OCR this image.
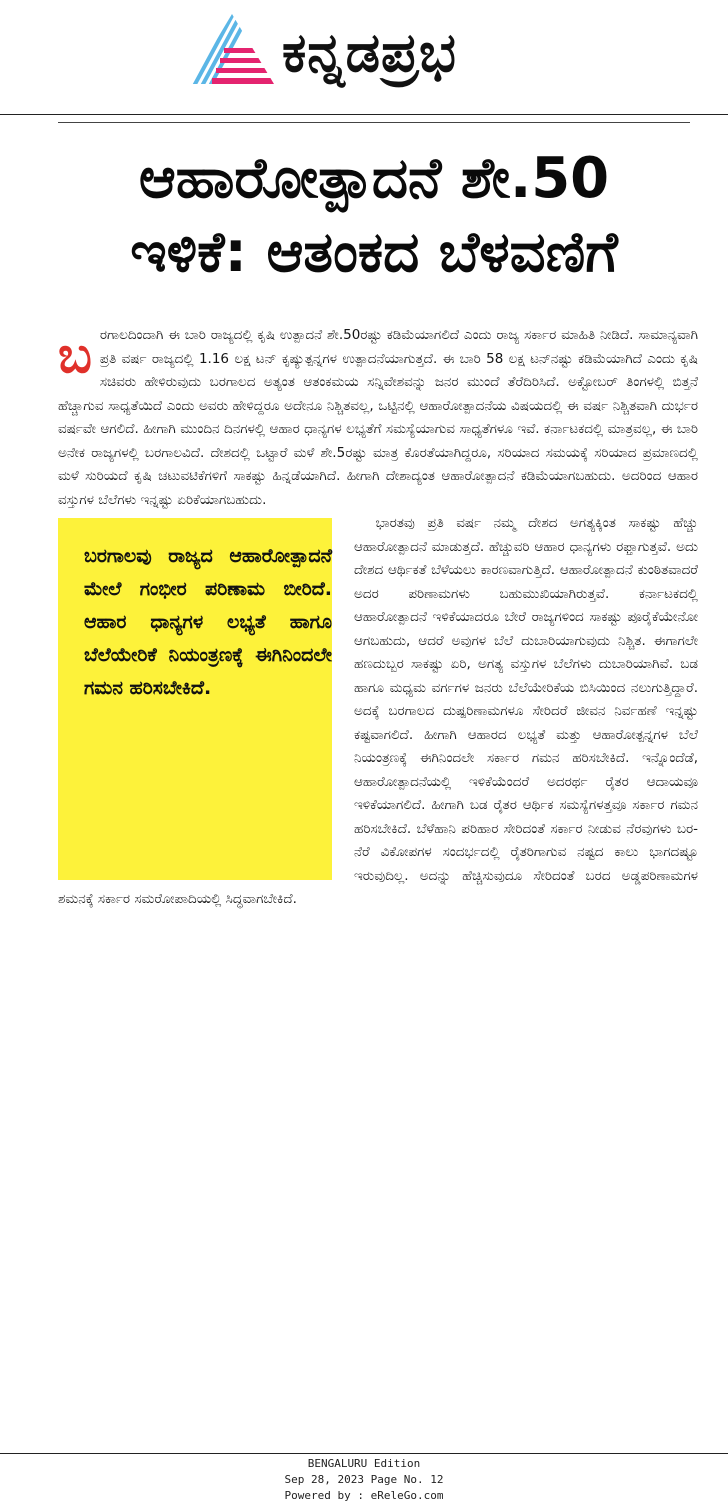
ಕನ್ನಡಪ್ರಭ
ಆಹಾರೋತ್ಪಾದನೆ ಶೇ.50
ಇಳಿಕೆ: ಆತಂಕದ ಬೆಳವಣಿಗೆ

ಬ ರಗಾಲದಿಂದಾಗಿ ಈ ಬಾರಿ ರಾಜ್ಯದಲ್ಲಿ ಕೃಷಿ ಉತ್ಪಾದನೆ ಶೇ.50ರಷ್ಟು ಕಡಿಮೆಯಾಗಲಿದೆ ಎಂದು ರಾಜ್ಯ ಸರ್ಕಾರ ಮಾಹಿತಿ ನೀಡಿದೆ. ಸಾಮಾನ್ಯವಾಗಿ ಪ್ರತಿ ವರ್ಷ ರಾಜ್ಯದಲ್ಲಿ 1.16 ಲಕ್ಷ ಟನ್ ಕೃಷ್ಯುತ್ಪನ್ನಗಳ ಉತ್ಪಾದನೆಯಾಗುತ್ತದೆ. ಈ ಬಾರಿ 58 ಲಕ್ಷ ಟನ್‌ನಷ್ಟು ಕಡಿಮೆಯಾಗಿದೆ ಎಂದು ಕೃಷಿ ಸಚಿವರು ಹೇಳಿರುವುದು ಬರಗಾಲದ ಅತ್ಯಂತ ಆತಂಕಮಯ ಸನ್ನಿವೇಶವನ್ನು ಜನರ ಮುಂದೆ ತೆರೆದಿರಿಸಿದೆ. ಅಕ್ಟೋಬರ್ ತಿಂಗಳಲ್ಲಿ ಬಿತ್ತನೆ ಹೆಚ್ಚಾಗುವ ಸಾಧ್ಯತೆಯಿದೆ ಎಂದು ಅವರು ಹೇಳಿದ್ದರೂ ಅದೇನೂ ನಿಶ್ಚಿತವಲ್ಲ, ಒಟ್ಟಿನಲ್ಲಿ ಆಹಾರೋತ್ಪಾದನೆಯ ವಿಷಯದಲ್ಲಿ ಈ ವರ್ಷ ನಿಶ್ಚಿತವಾಗಿ ದುರ್ಭರ ವರ್ಷವೇ ಆಗಲಿದೆ. ಹೀಗಾಗಿ ಮುಂದಿನ ದಿನಗಳಲ್ಲಿ ಆಹಾರ ಧಾನ್ಯಗಳ ಲಭ್ಯತೆಗೆ ಸಮಸ್ಯೆಯಾಗುವ ಸಾಧ್ಯತೆಗಳೂ ಇವೆ. ಕರ್ನಾಟಕದಲ್ಲಿ ಮಾತ್ರವಲ್ಲ, ಈ ಬಾರಿ ಅನೇಕ ರಾಜ್ಯಗಳಲ್ಲಿ ಬರಗಾಲವಿದೆ. ದೇಶದಲ್ಲಿ ಒಟ್ಟಾರೆ ಮಳೆ ಶೇ.5ರಷ್ಟು ಮಾತ್ರ ಕೊರತೆಯಾಗಿದ್ದರೂ, ಸರಿಯಾದ ಸಮಯಕ್ಕೆ ಸರಿಯಾದ ಪ್ರಮಾಣದಲ್ಲಿ ಮಳೆ ಸುರಿಯದೆ ಕೃಷಿ ಚಟುವಟಿಕೆಗಳಿಗೆ ಸಾಕಷ್ಟು ಹಿನ್ನಡೆಯಾಗಿದೆ. ಹೀಗಾಗಿ ದೇಶಾದ್ಯಂತ ಆಹಾರೋತ್ಪಾದನೆ ಕಡಿಮೆಯಾಗಬಹುದು. ಅದರಿಂದ ಆಹಾರ ವಸ್ತುಗಳ ಬೆಲೆಗಳು ಇನ್ನಷ್ಟು ಏರಿಕೆಯಾಗಬಹುದು.

ಬರಗಾಲವು ರಾಜ್ಯದ ಆಹಾರೋತ್ಪಾದನೆ ಮೇಲೆ ಗಂಭೀರ ಪರಿಣಾಮ ಬೀರಿದೆ. ಆಹಾರ ಧಾನ್ಯಗಳ ಲಭ್ಯತೆ ಹಾಗೂ ಬೆಲೆಯೇರಿಕೆ ನಿಯಂತ್ರಣಕ್ಕೆ ಈಗಿನಿಂದಲೇ ಗಮನ ಹರಿಸಬೇಕಿದೆ.

ಭಾರತವು ಪ್ರತಿ ವರ್ಷ ನಮ್ಮ ದೇಶದ ಅಗತ್ಯಕ್ಕಿಂತ ಸಾಕಷ್ಟು ಹೆಚ್ಚು ಆಹಾರೋತ್ಪಾದನೆ ಮಾಡುತ್ತದೆ. ಹೆಚ್ಚುವರಿ ಆಹಾರ ಧಾನ್ಯಗಳು ರಫ್ತಾಗುತ್ತವೆ. ಅದು ದೇಶದ ಆರ್ಥಿಕತೆ ಬೆಳೆಯಲು ಕಾರಣವಾಗುತ್ತಿದೆ. ಆಹಾರೋತ್ಪಾದನೆ ಕುಂಠಿತವಾದರೆ ಅದರ ಪರಿಣಾಮಗಳು ಬಹುಮುಖಿಯಾಗಿರುತ್ತವೆ. ಕರ್ನಾಟಕದಲ್ಲಿ ಆಹಾರೋತ್ಪಾದನೆ ಇಳಿಕೆಯಾದರೂ ಬೇರೆ ರಾಜ್ಯಗಳಿಂದ ಸಾಕಷ್ಟು ಪೂರೈಕೆಯೇನೋ ಆಗಬಹುದು, ಆದರೆ ಅವುಗಳ ಬೆಲೆ ದುಬಾರಿಯಾಗುವುದು ನಿಶ್ಚಿತ. ಈಗಾಗಲೇ ಹಣದುಬ್ಬರ ಸಾಕಷ್ಟು ಏರಿ, ಅಗತ್ಯ ವಸ್ತುಗಳ ಬೆಲೆಗಳು ದುಬಾರಿಯಾಗಿವೆ. ಬಡ ಹಾಗೂ ಮಧ್ಯಮ ವರ್ಗಗಳ ಜನರು ಬೆಲೆಯೇರಿಕೆಯ ಬಿಸಿಯಿಂದ ನಲುಗುತ್ತಿದ್ದಾರೆ. ಅದಕ್ಕೆ ಬರಗಾಲದ ದುಷ್ಪರಿಣಾಮಗಳೂ ಸೇರಿದರೆ ಜೀವನ ನಿರ್ವಹಣೆ ಇನ್ನಷ್ಟು ಕಷ್ಟವಾಗಲಿದೆ. ಹೀಗಾಗಿ ಆಹಾರದ ಲಭ್ಯತೆ ಮತ್ತು ಆಹಾರೋತ್ಪನ್ನಗಳ ಬೆಲೆ ನಿಯಂತ್ರಣಕ್ಕೆ ಈಗಿನಿಂದಲೇ ಸರ್ಕಾರ ಗಮನ ಹರಿಸಬೇಕಿದೆ. ಇನ್ನೊಂದೆಡೆ, ಆಹಾರೋತ್ಪಾದನೆಯಲ್ಲಿ ಇಳಿಕೆಯೆಂದರೆ ಅದರರ್ಥ ರೈತರ ಆದಾಯವೂ ಇಳಿಕೆಯಾಗಲಿದೆ. ಹೀಗಾಗಿ ಬಡ ರೈತರ ಆರ್ಥಿಕ ಸಮಸ್ಯೆಗಳತ್ತವೂ ಸರ್ಕಾರ ಗಮನ ಹರಿಸಬೇಕಿದೆ. ಬೆಳೆಹಾನಿ ಪರಿಹಾರ ಸೇರಿದಂತೆ ಸರ್ಕಾರ ನೀಡುವ ನೆರವುಗಳು ಬರ-ನೆರೆ ವಿಕೋಪಗಳ ಸಂದರ್ಭದಲ್ಲಿ ರೈತರಿಗಾಗುವ ನಷ್ಟದ ಕಾಲು ಭಾಗದಷ್ಟೂ ಇರುವುದಿಲ್ಲ. ಅದನ್ನು ಹೆಚ್ಚಿಸುವುದೂ ಸೇರಿದಂತೆ ಬರದ ಅಡ್ಡಪರಿಣಾಮಗಳ ಶಮನಕ್ಕೆ ಸರ್ಕಾರ ಸಮರೋಪಾದಿಯಲ್ಲಿ ಸಿದ್ಧವಾಗಬೇಕಿದೆ.

BENGALURU Edition
Sep 28, 2023 Page No. 12
Powered by : eReleGo.com
